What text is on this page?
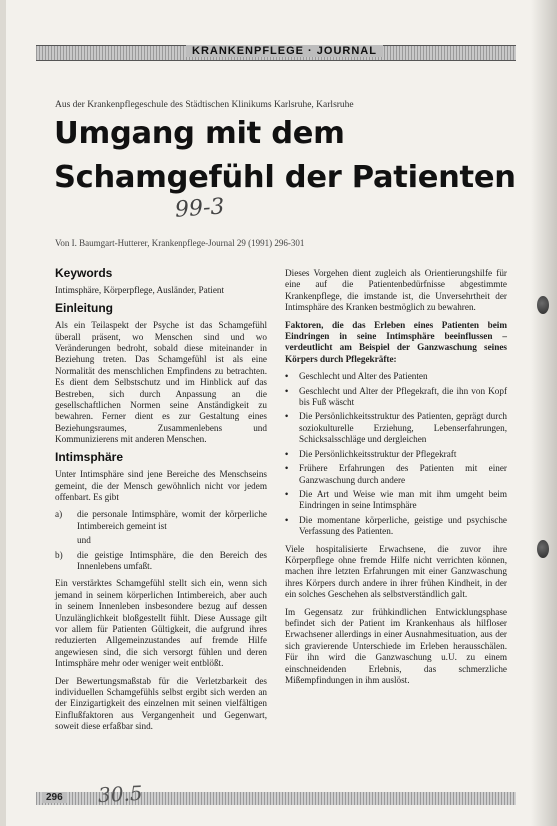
KRANKENPFLEGE · JOURNAL
Aus der Krankenpflegeschule des Städtischen Klinikums Karlsruhe, Karlsruhe
Umgang mit dem
Schamgefühl der Patienten
99-3
Von I. Baumgart-Hutterer, Krankenpflege-Journal 29 (1991) 296-301
Keywords

Intimsphäre, Körperpflege, Ausländer, Patient

Einleitung

Als ein Teilaspekt der Psyche ist das Schamgefühl überall präsent, wo Menschen sind und wo Veränderungen bedroht, sobald diese miteinander in Beziehung treten. Das Schamgefühl ist als eine Normalität des menschlichen Empfindens zu betrachten. Es dient dem Selbstschutz und im Hinblick auf das Bestreben, sich durch Anpassung an die gesellschaftlichen Normen seine Anständigkeit zu bewahren. Ferner dient es zur Gestaltung eines Beziehungsraumes, Zusammenlebens und Kommunizierens mit anderen Menschen.

Intimsphäre

Unter Intimsphäre sind jene Bereiche des Menschseins gemeint, die der Mensch gewöhnlich nicht vor jedem offenbart. Es gibt

a)	die personale Intimsphäre, womit der körperliche Intimbereich gemeint ist
und
b)	die geistige Intimsphäre, die den Bereich des Innenlebens umfaßt.

Ein verstärktes Schamgefühl stellt sich ein, wenn sich jemand in seinem körperlichen Intimbereich, aber auch in seinem Innenleben insbesondere bezug auf dessen Unzulänglichkeit bloßgestellt fühlt. Diese Aussage gilt vor allem für Patienten Gültigkeit, die aufgrund ihres reduzierten Allgemeinzustandes auf fremde Hilfe angewiesen sind, die sich versorgt fühlen und deren Intimsphäre mehr oder weniger weit entblößt.

Der Bewertungsmaßstab für die Verletzbarkeit des individuellen Schamgefühls selbst ergibt sich werden an der Einzigartigkeit des einzelnen mit seinen vielfältigen Einflußfaktoren aus Vergangenheit und Gegenwart, soweit diese erfaßbar sind.

Dieses Vorgehen dient zugleich als Orientierungshilfe für eine auf die Patientenbedürfnisse abgestimmte Krankenpflege, die imstande ist, die Unversehrtheit der Intimsphäre des Kranken bestmöglich zu bewahren.

Faktoren, die das Erleben eines Patienten beim Eindringen in seine Intimsphäre beeinflussen – verdeutlicht am Beispiel der Ganzwaschung seines Körpers durch Pflegekräfte:

•	Geschlecht und Alter des Patienten
•	Geschlecht und Alter der Pflegekraft, die ihn von Kopf bis Fuß wäscht
•	Die Persönlichkeitsstruktur des Patienten, geprägt durch soziokulturelle Erziehung, Lebenserfahrungen, Schicksalsschläge und dergleichen
•	Die Persönlichkeitsstruktur der Pflegekraft
•	Frühere Erfahrungen des Patienten mit einer Ganzwaschung durch andere
•	Die Art und Weise wie man mit ihm umgeht beim Eindringen in seine Intimsphäre
•	Die momentane körperliche, geistige und psychische Verfassung des Patienten.

Viele hospitalisierte Erwachsene, die zuvor ihre Körperpflege ohne fremde Hilfe nicht verrichten können, machen ihre letzten Erfahrungen mit einer Ganzwaschung ihres Körpers durch andere in ihrer frühen Kindheit, in der ein solches Geschehen als selbstverständlich galt.

Im Gegensatz zur frühkindlichen Entwicklungsphase befindet sich der Patient im Krankenhaus als hilfloser Erwachsener allerdings in einer Ausnahmesituation, aus der sich gravierende Unterschiede im Erleben herausschälen. Für ihn wird die Ganzwaschung u.U. zu einem einschneidenden Erlebnis, das schmerzliche Mißempfindungen in ihm auslöst.

296 30.5
